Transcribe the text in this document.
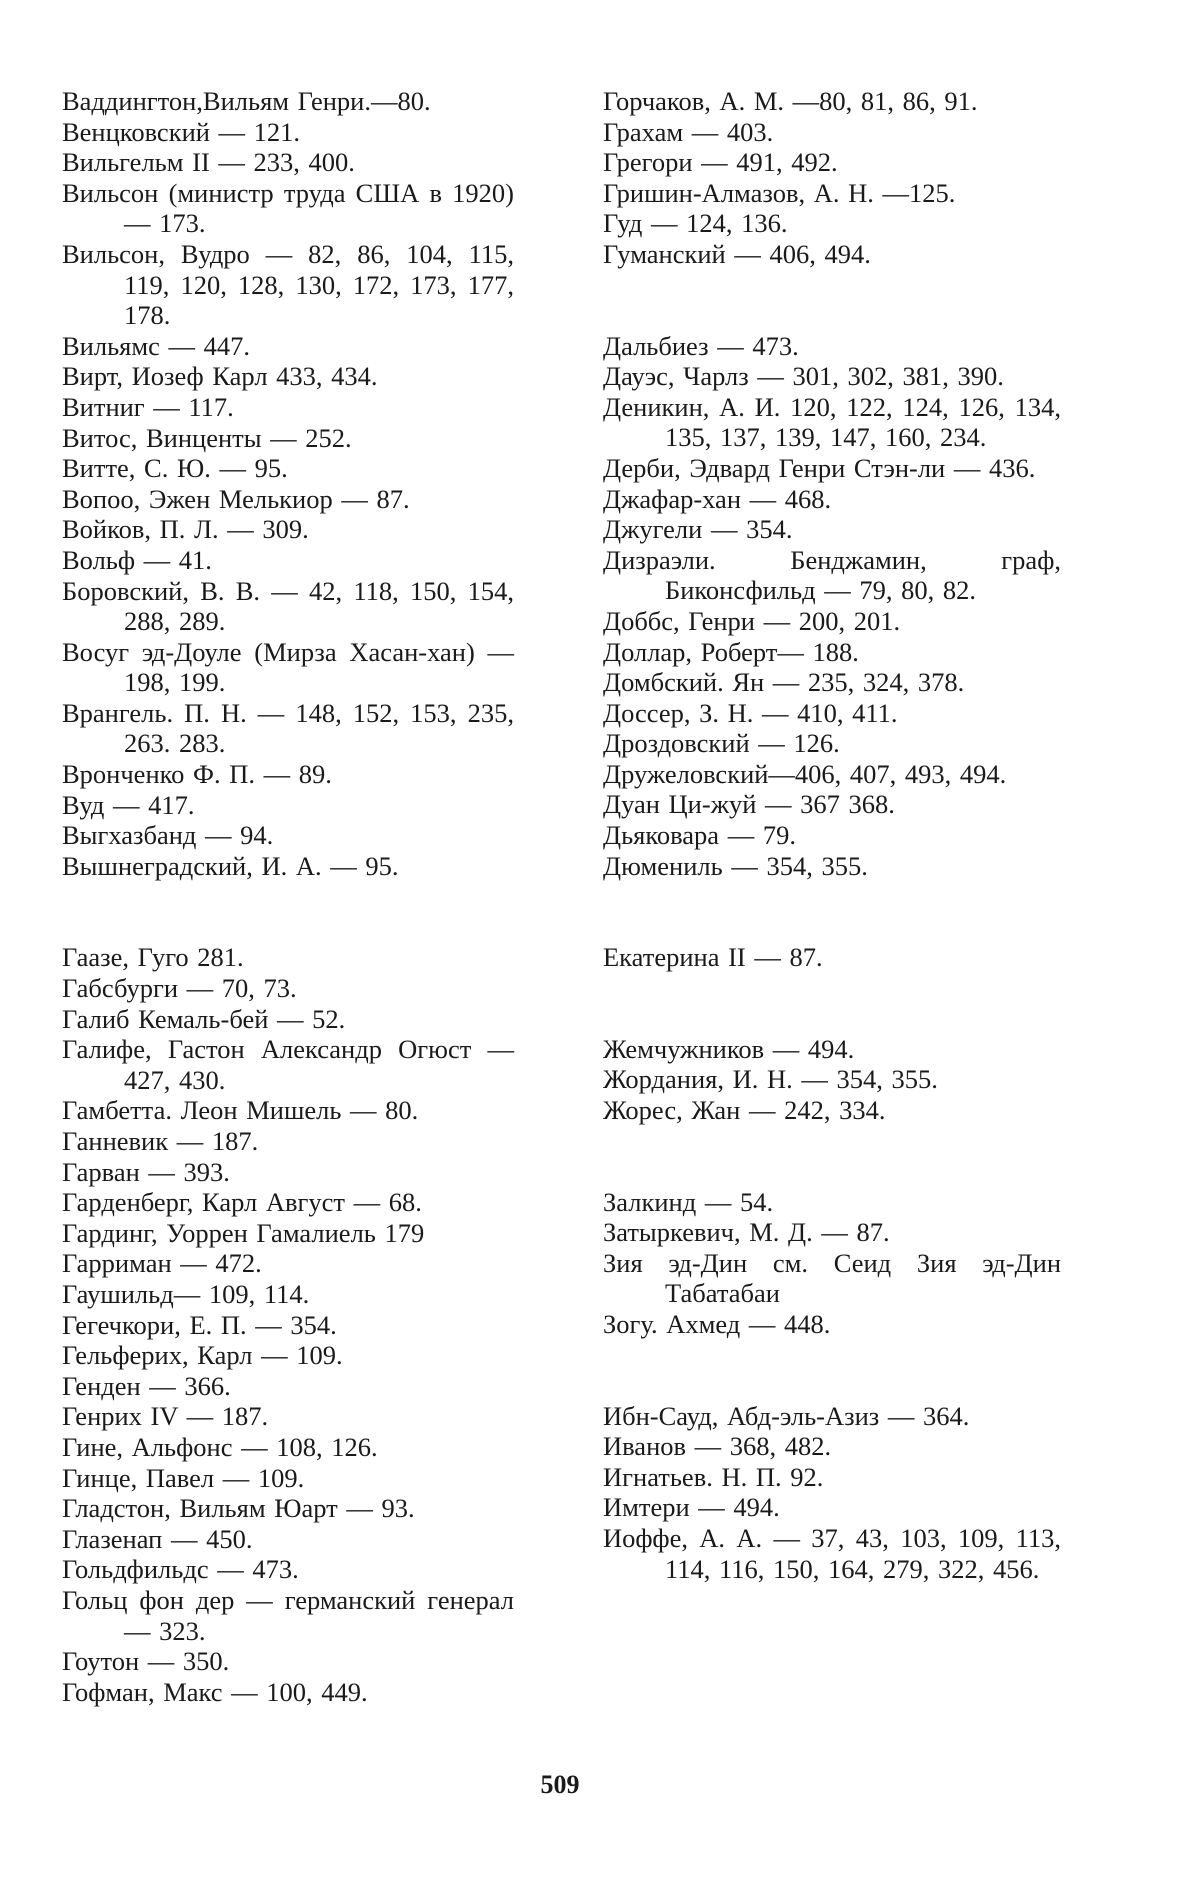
Ваддингтон,Вильям Генри.—80.
Венцковский — 121.
Вильгельм II — 233, 400.
Вильсон (министр труда США в 1920) — 173.
Вильсон, Вудро — 82, 86, 104, 115, 119, 120, 128, 130, 172, 173, 177, 178.
Вильямс — 447.
Вирт, Иозеф Карл 433, 434.
Витниг — 117.
Витос, Винценты — 252.
Витте, С. Ю. — 95.
Вопоо, Эжен Мелькиор — 87.
Войков, П. Л. — 309.
Вольф — 41.
Боровский, В. В. — 42, 118, 150, 154, 288, 289.
Восуг эд-Доуле (Мирза Хасан-хан) — 198, 199.
Врангель. П. Н. — 148, 152, 153, 235, 263. 283.
Вронченко Ф. П. — 89.
Вуд — 417.
Выгхазбанд — 94.
Вышнеградский, И. А. — 95.
Гаазе, Гуго 281.
Габсбурги — 70, 73.
Галиб Кемаль-бей — 52.
Галифе, Гастон Александр Огюст — 427, 430.
Гамбетта. Леон Мишель — 80.
Ганневик — 187.
Гарван — 393.
Гарденберг, Карл Август — 68.
Гардинг, Уоррен Гамалиель 179
Гарриман — 472.
Гаушильд— 109, 114.
Гегечкори, Е. П. — 354.
Гельферих, Карл — 109.
Генден — 366.
Генрих IV — 187.
Гине, Альфонс — 108, 126.
Гинце, Павел — 109.
Гладстон, Вильям Юарт — 93.
Глазенап — 450.
Гольдфильдс — 473.
Гольц фон дер — германский генерал — 323.
Гоутон — 350.
Гофман, Макс — 100, 449.
Горчаков, А. М. —80, 81, 86, 91.
Грахам — 403.
Грегори — 491, 492.
Гришин-Алмазов, А. Н. —125.
Гуд — 124, 136.
Гуманский — 406, 494.
Дальбиез — 473.
Дауэс, Чарлз — 301, 302, 381, 390.
Деникин, А. И. 120, 122, 124, 126, 134, 135, 137, 139, 147, 160, 234.
Дерби, Эдвард Генри Стэн-ли — 436.
Джафар-хан — 468.
Джугели — 354.
Дизраэли. Бенджамин, граф, Биконсфильд — 79, 80, 82.
Доббс, Генри — 200, 201.
Доллар, Роберт— 188.
Домбский. Ян — 235, 324, 378.
Доссер, З. Н. — 410, 411.
Дроздовский — 126.
Дружеловский—406, 407, 493, 494.
Дуан Ци-жуй — 367 368.
Дьяковара — 79.
Дюмениль — 354, 355.
Екатерина II — 87.
Жемчужников — 494.
Жордания, И. Н. — 354, 355.
Жорес, Жан — 242, 334.
Залкинд — 54.
Затыркевич, М. Д. — 87.
Зия эд-Дин см. Сеид Зия эд-Дин Табатабаи
Зогу. Ахмед — 448.
Ибн-Сауд, Абд-эль-Азиз — 364.
Иванов — 368, 482.
Игнатьев. Н. П. 92.
Имтери — 494.
Иоффе, А. А. — 37, 43, 103, 109, 113, 114, 116, 150, 164, 279, 322, 456.
509
